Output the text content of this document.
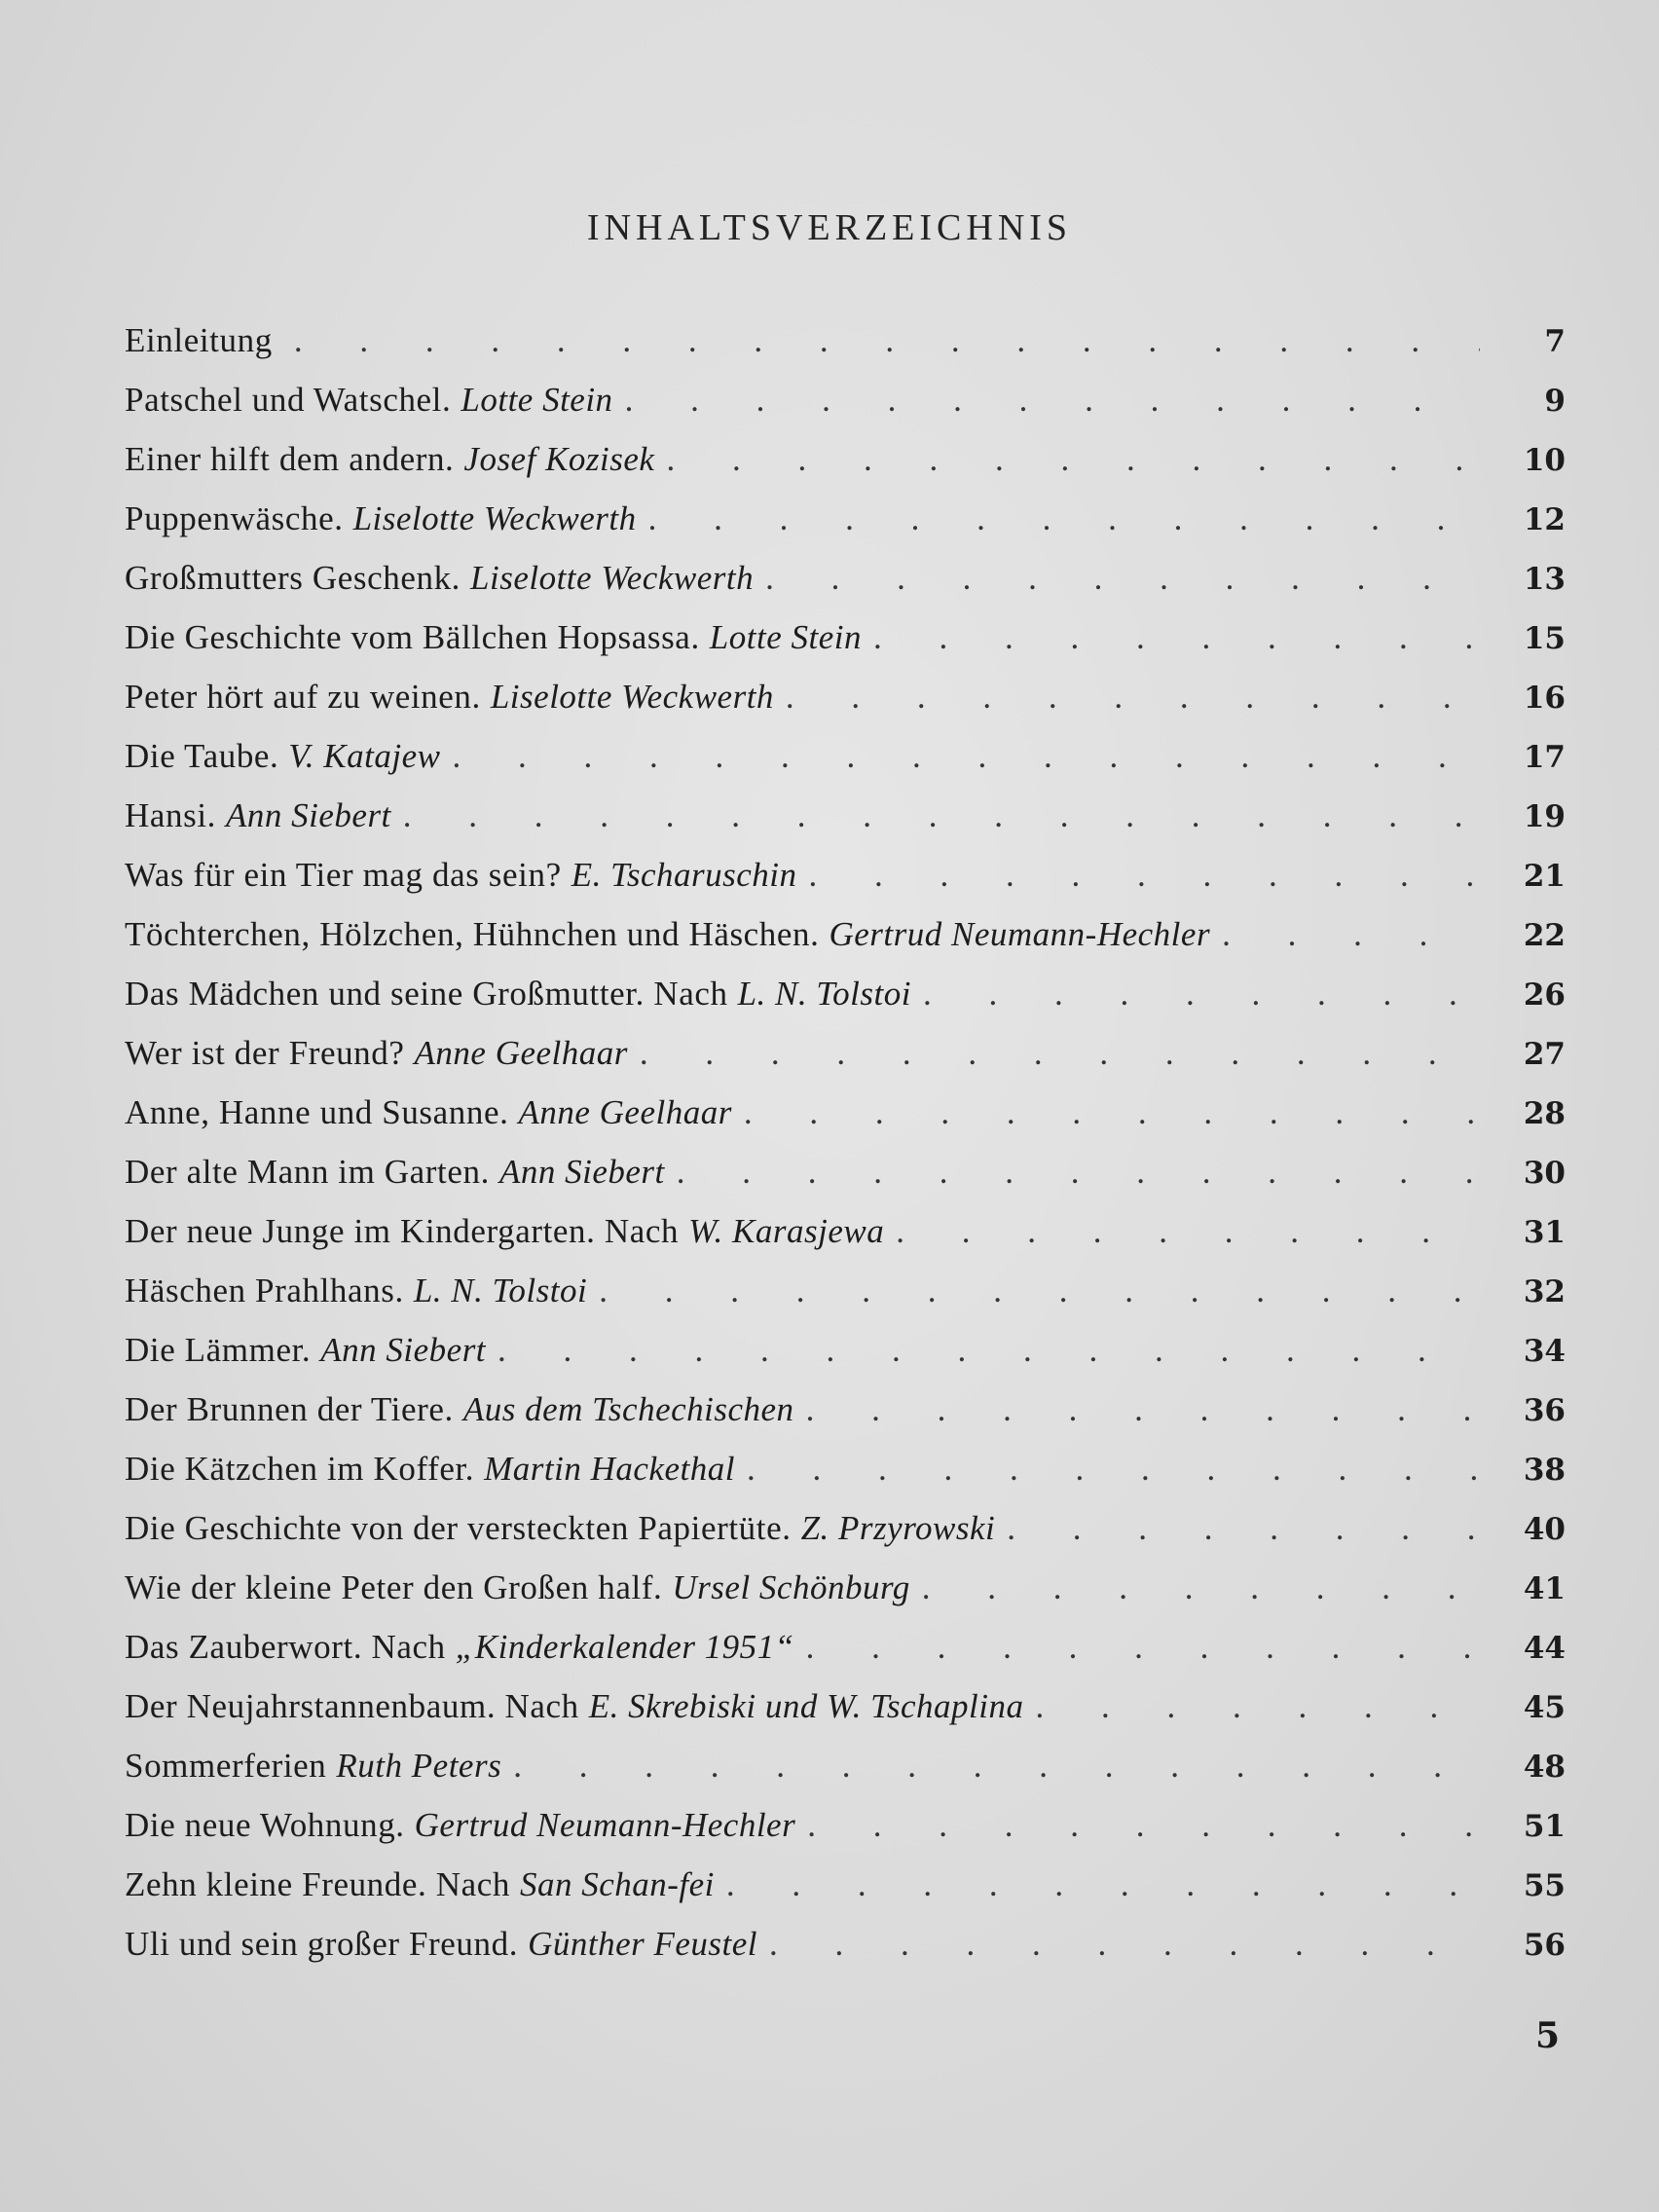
INHALTSVERZEICHNIS
Einleitung . . .	7
Patschel und Watschel. Lotte Stein . . .	9
Einer hilft dem andern. Josef Kozisek . . .	10
Puppenwäsche. Liselotte Weckwerth . . .	12
Großmutters Geschenk. Liselotte Weckwerth . . .	13
Die Geschichte vom Bällchen Hopsassa. Lotte Stein . . .	15
Peter hört auf zu weinen. Liselotte Weckwerth . . .	16
Die Taube. V. Katajew . . .	17
Hansi. Ann Siebert . . .	19
Was für ein Tier mag das sein? E. Tscharuschin . . .	21
Töchterchen, Hölzchen, Hühnchen und Häschen. Gertrud Neumann-Hechler . . .	22
Das Mädchen und seine Großmutter. Nach L. N. Tolstoi . . .	26
Wer ist der Freund? Anne Geelhaar . . .	27
Anne, Hanne und Susanne. Anne Geelhaar . . .	28
Der alte Mann im Garten. Ann Siebert . . .	30
Der neue Junge im Kindergarten. Nach W. Karasjewa . . .	31
Häschen Prahlhans. L. N. Tolstoi . . .	32
Die Lämmer. Ann Siebert . . .	34
Der Brunnen der Tiere. Aus dem Tschechischen . . .	36
Die Kätzchen im Koffer. Martin Hackethal . . .	38
Die Geschichte von der versteckten Papiertüte. Z. Przyrowski . . .	40
Wie der kleine Peter den Großen half. Ursel Schönburg . . .	41
Das Zauberwort. Nach „Kinderkalender 1951“ . . .	44
Der Neujahrstannenbaum. Nach E. Skrebiski und W. Tschaplina . . .	45
Sommerferien Ruth Peters . . .	48
Die neue Wohnung. Gertrud Neumann-Hechler . . .	51
Zehn kleine Freunde. Nach San Schan-fei . . .	55
Uli und sein großer Freund. Günther Feustel . . .	56
5
